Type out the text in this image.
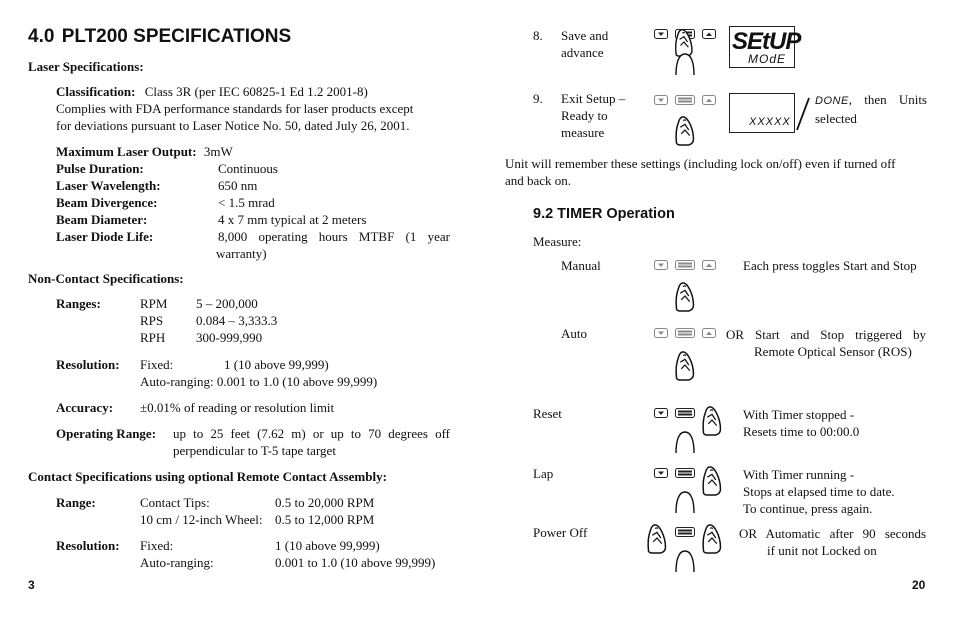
4.0 PLT200 SPECIFICATIONS
Laser Specifications:
Classification: Class 3R (per IEC 60825-1 Ed 1.2 2001-8)
Complies with FDA performance standards for laser products except
for deviations pursuant to Laser Notice No. 50, dated July 26, 2001.
Maximum Laser Output: 3mW
Pulse Duration:	Continuous
Laser Wavelength:	650 nm
Beam Divergence:	< 1.5 mrad
Beam Diameter:	4 x 7 mm typical at 2 meters
Laser Diode Life:	8,000 operating hours MTBF (1 year
warranty)
Non-Contact Specifications:
Ranges:	RPM 5 – 200,000
RPS	0.084 – 3,333.3
RPH 300-999,990
Resolution: Fixed:	1 (10 above 99,999)
Auto-ranging: 0.001 to 1.0 (10 above 99,999)
Accuracy: ±0.01% of reading or resolution limit
Operating Range: up to 25 feet (7.62 m) or up to 70 degrees off
perpendicular to T-5 tape target
Contact Specifications using optional Remote Contact Assembly:
Range:	Contact Tips:	0.5 to 20,000 RPM
10 cm / 12-inch Wheel: 0.5 to 12,000 RPM
Resolution: Fixed:	1 (10 above 99,999)
Auto-ranging:	0.001 to 1.0 (10 above 99,999)
3
8. Save and
advance	SEtUP
MOdE
9. Exit Setup –
Ready to
measure
XXXXX
DONE, then Units
selected
Unit will remember these settings (including lock on/off) even if turned off
and back on.
9.2 TIMER Operation
Measure:
Manual	Each press toggles Start and Stop
Auto	OR Start and Stop triggered by
Remote Optical Sensor (ROS)
Reset	With Timer stopped -
Resets time to 00:00.0
Lap	With Timer running -
Stops at elapsed time to date.
To continue, press again.
Power Off	OR Automatic after 90 seconds
if unit not Locked on
20
